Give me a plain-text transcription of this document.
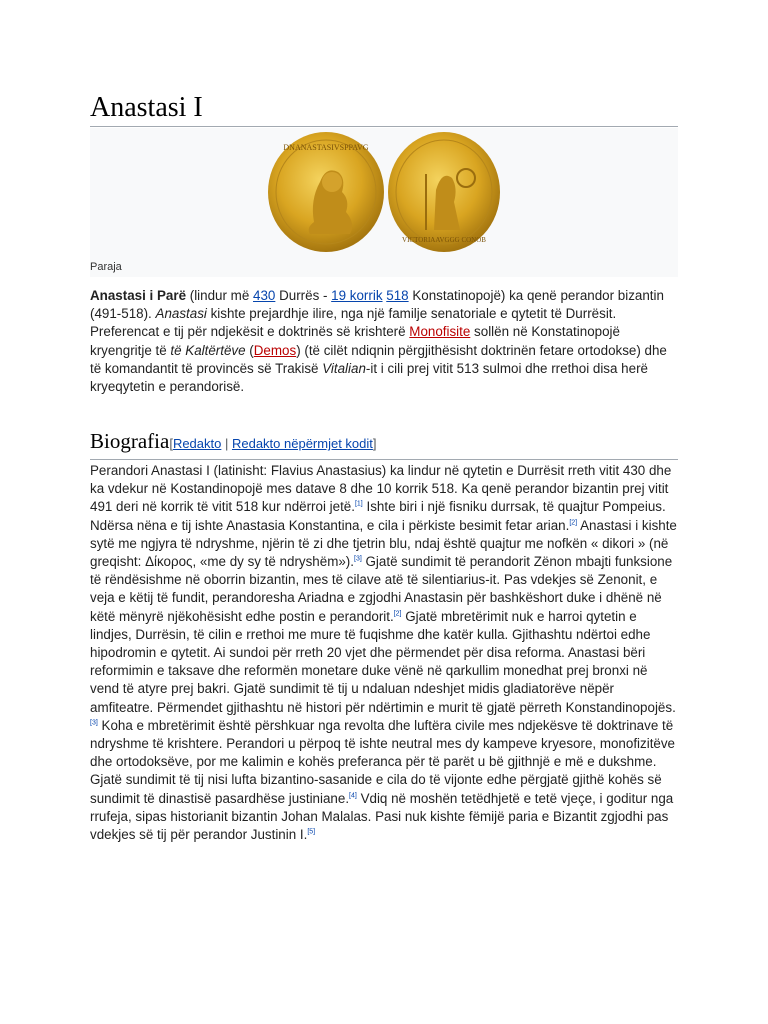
Anastasi I
DNANASTASIVSPPAVG
VICTORIAAVGGG CONOB
Paraja

Anastasi i Parë (lindur më 430 Durrës - 19 korrik 518 Konstatinopojë) ka qenë perandor bizantin (491-518). Anastasi kishte prejardhje ilire, nga një familje senatoriale e qytetit të Durrësit. Preferencat e tij për ndjekësit e doktrinës së krishterë Monofisite sollën në Konstatinopojë kryengritje të të Kaltërtëve (Demos) (të cilët ndiqnin përgjithësisht doktrinën fetare ortodokse) dhe të komandantit të provincës së Trakisë Vitalian-it i cili prej vitit 513 sulmoi dhe rrethoi disa herë kryeqytetin e perandorisë.

Biografia[Redakto | Redakto nëpërmjet kodit]

Perandori Anastasi I (latinisht: Flavius Anastasius) ka lindur në qytetin e Durrësit rreth vitit 430 dhe ka vdekur në Kostandinopojë mes datave 8 dhe 10 korrik 518. Ka qenë perandor bizantin prej vitit 491 deri në korrik të vitit 518 kur ndërroi jetë.[1] Ishte biri i një fisniku durrsak, të quajtur Pompeius. Ndërsa nëna e tij ishte Anastasia Konstantina, e cila i përkiste besimit fetar arian.[2] Anastasi i kishte sytë me ngjyra të ndryshme, njërin të zi dhe tjetrin blu, ndaj është quajtur me nofkën « dikori » (në greqisht: Δίκορος, «me dy sy të ndryshëm»).[3] Gjatë sundimit të perandorit Zënon mbajti funksione të rëndësishme në oborrin bizantin, mes të cilave atë të silentiarius-it. Pas vdekjes së Zenonit, e veja e këtij të fundit, perandoresha Ariadna e zgjodhi Anastasin për bashkëshort duke i dhënë në këtë mënyrë njëkohësisht edhe postin e perandorit.[2] Gjatë mbretërimit nuk e harroi qytetin e lindjes, Durrësin, të cilin e rrethoi me mure të fuqishme dhe katër kulla. Gjithashtu ndërtoi edhe hipodromin e qytetit. Ai sundoi për rreth 20 vjet dhe përmendet për disa reforma. Anastasi bëri reformimin e taksave dhe reformën monetare duke vënë në qarkullim monedhat prej bronxi në vend të atyre prej bakri. Gjatë sundimit të tij u ndaluan ndeshjet midis gladiatorëve nëpër amfiteatre. Përmendet gjithashtu në histori për ndërtimin e murit të gjatë përreth Konstandinopojës.[3] Koha e mbretërimit është përshkuar nga revolta dhe luftëra civile mes ndjekësve të doktrinave të ndryshme të krishtere. Perandori u përpoq të ishte neutral mes dy kampeve kryesore, monofizitëve dhe ortodoksëve, por me kalimin e kohës preferanca për të parët u bë gjithnjë e më e dukshme. Gjatë sundimit të tij nisi lufta bizantino-sasanide e cila do të vijonte edhe përgjatë gjithë kohës së sundimit të dinastisë pasardhëse justiniane.[4] Vdiq në moshën tetëdhjetë e tetë vjeçe, i goditur nga rrufeja, sipas historianit bizantin Johan Malalas. Pasi nuk kishte fëmijë paria e Bizantit zgjodhi pas vdekjes së tij për perandor Justinin I.[5]
